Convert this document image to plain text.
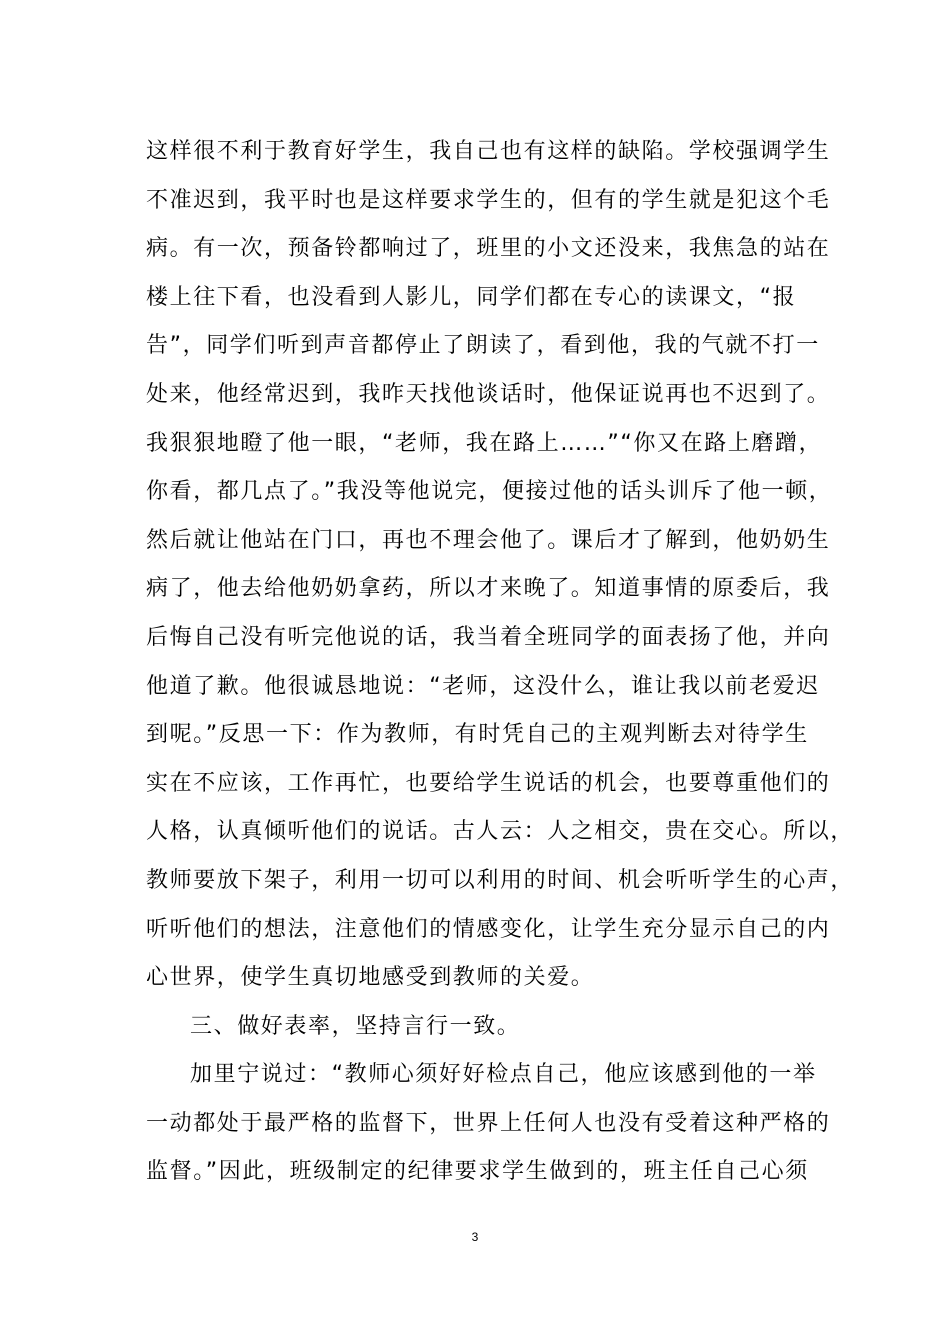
这样很不利于教育好学生，我自己也有这样的缺陷。学校强调学生
不准迟到，我平时也是这样要求学生的，但有的学生就是犯这个毛
病。有一次，预备铃都响过了，班里的小文还没来，我焦急的站在
楼上往下看，也没看到人影儿，同学们都在专心的读课文，“报
告”，同学们听到声音都停止了朗读了，看到他，我的气就不打一
处来，他经常迟到，我昨天找他谈话时，他保证说再也不迟到了。
我狠狠地瞪了他一眼，“老师，我在路上……”“你又在路上磨蹭，
你看，都几点了。”我没等他说完，便接过他的话头训斥了他一顿，
然后就让他站在门口，再也不理会他了。课后才了解到，他奶奶生
病了，他去给他奶奶拿药，所以才来晚了。知道事情的原委后，我
后悔自己没有听完他说的话，我当着全班同学的面表扬了他，并向
他道了歉。他很诚恳地说：“老师，这没什么，谁让我以前老爱迟
到呢。”反思一下：作为教师，有时凭自己的主观判断去对待学生
实在不应该，工作再忙，也要给学生说话的机会，也要尊重他们的
人格，认真倾听他们的说话。古人云：人之相交，贵在交心。所以，
教师要放下架子，利用一切可以利用的时间、机会听听学生的心声，
听听他们的想法，注意他们的情感变化，让学生充分显示自己的内
心世界，使学生真切地感受到教师的关爱。
三、做好表率，坚持言行一致。
加里宁说过：“教师心须好好检点自己，他应该感到他的一举
一动都处于最严格的监督下，世界上任何人也没有受着这种严格的
监督。”因此，班级制定的纪律要求学生做到的，班主任自己心须
3
